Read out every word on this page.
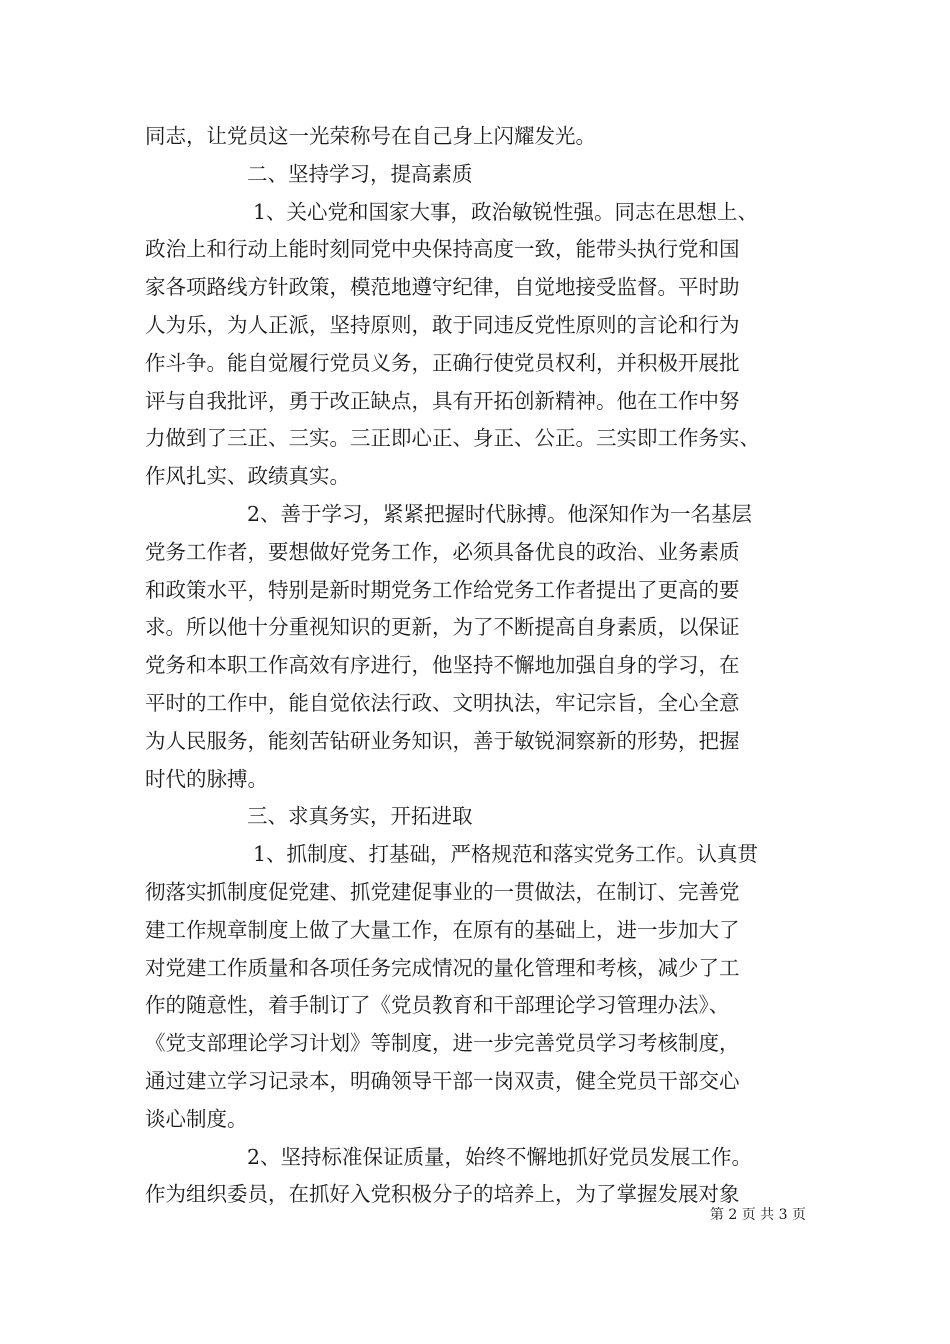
同志，让党员这一光荣称号在自己身上闪耀发光。
二、坚持学习，提高素质
1、关心党和国家大事，政治敏锐性强。同志在思想上、
政治上和行动上能时刻同党中央保持高度一致，能带头执行党和国
家各项路线方针政策，模范地遵守纪律，自觉地接受监督。平时助
人为乐，为人正派，坚持原则，敢于同违反党性原则的言论和行为
作斗争。能自觉履行党员义务，正确行使党员权利，并积极开展批
评与自我批评，勇于改正缺点，具有开拓创新精神。他在工作中努
力做到了三正、三实。三正即心正、身正、公正。三实即工作务实、
作风扎实、政绩真实。
2、善于学习，紧紧把握时代脉搏。他深知作为一名基层
党务工作者，要想做好党务工作，必须具备优良的政治、业务素质
和政策水平，特别是新时期党务工作给党务工作者提出了更高的要
求。所以他十分重视知识的更新，为了不断提高自身素质，以保证
党务和本职工作高效有序进行，他坚持不懈地加强自身的学习，在
平时的工作中，能自觉依法行政、文明执法，牢记宗旨，全心全意
为人民服务，能刻苦钻研业务知识，善于敏锐洞察新的形势，把握
时代的脉搏。
三、求真务实，开拓进取
1、抓制度、打基础，严格规范和落实党务工作。认真贯
彻落实抓制度促党建、抓党建促事业的一贯做法，在制订、完善党
建工作规章制度上做了大量工作，在原有的基础上，进一步加大了
对党建工作质量和各项任务完成情况的量化管理和考核，减少了工
作的随意性，着手制订了《党员教育和干部理论学习管理办法》、
《党支部理论学习计划》等制度，进一步完善党员学习考核制度，
通过建立学习记录本，明确领导干部一岗双责，健全党员干部交心
谈心制度。
2、坚持标准保证质量，始终不懈地抓好党员发展工作。
作为组织委员，在抓好入党积极分子的培养上，为了掌握发展对象
第 2 页 共 3 页
